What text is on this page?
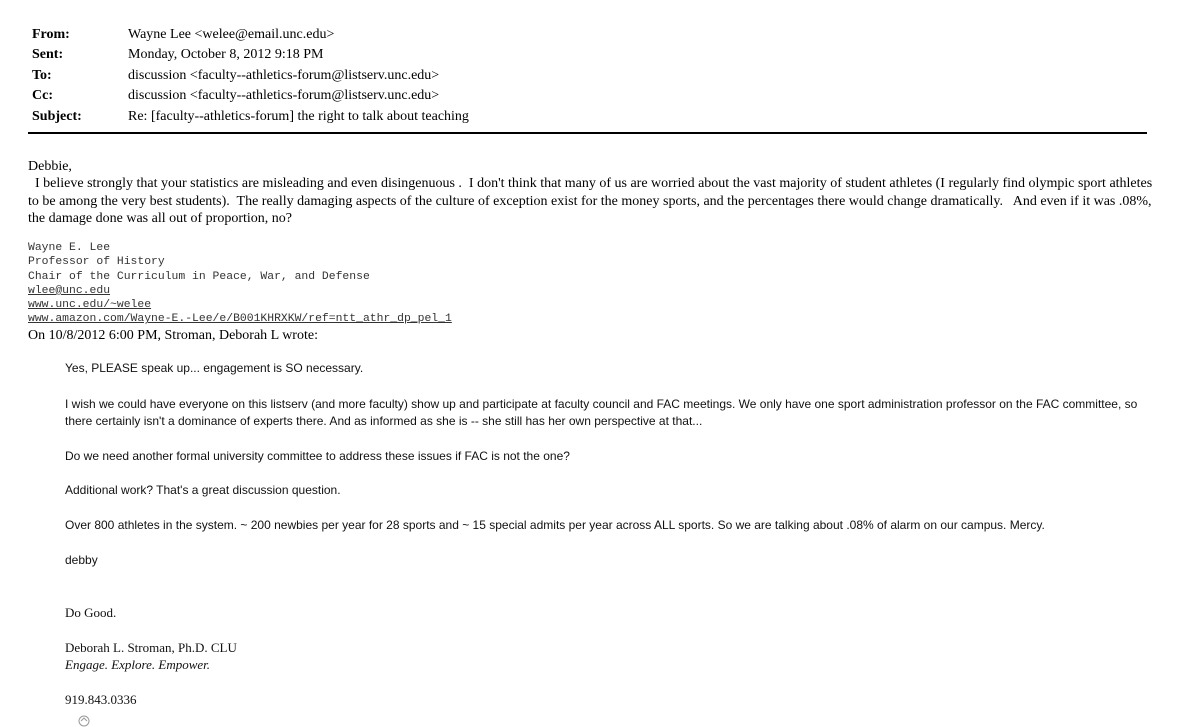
From:	Wayne Lee <welee@email.unc.edu>
Sent:	Monday, October 8, 2012 9:18 PM
To:	discussion <faculty--athletics-forum@listserv.unc.edu>
Cc:	discussion <faculty--athletics-forum@listserv.unc.edu>
Subject:	Re: [faculty--athletics-forum] the right to talk about teaching
Debbie,
I believe strongly that your statistics are misleading and even disingenuous .  I don't think that many of us are worried about the vast majority of student athletes (I regularly find olympic sport athletes to be among the very best students).  The really damaging aspects of the culture of exception exist for the money sports, and the percentages there would change dramatically.   And even if it was .08%, the damage done was all out of proportion, no?
Wayne E. Lee
Professor of History
Chair of the Curriculum in Peace, War, and Defense
wlee@unc.edu
www.unc.edu/~welee
www.amazon.com/Wayne-E.-Lee/e/B001KHRXKW/ref=ntt_athr_dp_pel_1
On 10/8/2012 6:00 PM, Stroman, Deborah L wrote:

Yes, PLEASE speak up... engagement is SO necessary.

I wish we could have everyone on this listserv (and more faculty) show up and participate at faculty council and FAC meetings. We only have one sport administration professor on the FAC committee, so there certainly isn't a dominance of experts there. And as informed as she is -- she still has her own perspective at that...

Do we need another formal university committee to address these issues if FAC is not the one?

Additional work? That's a great discussion question.

Over 800 athletes in the system. ~ 200 newbies per year for 28 sports and ~ 15 special admits per year across ALL sports. So we are talking about .08% of alarm on our campus. Mercy.

debby

Do Good.

Deborah L. Stroman, Ph.D. CLU

Engage. Explore. Empower.

919.843.0336
